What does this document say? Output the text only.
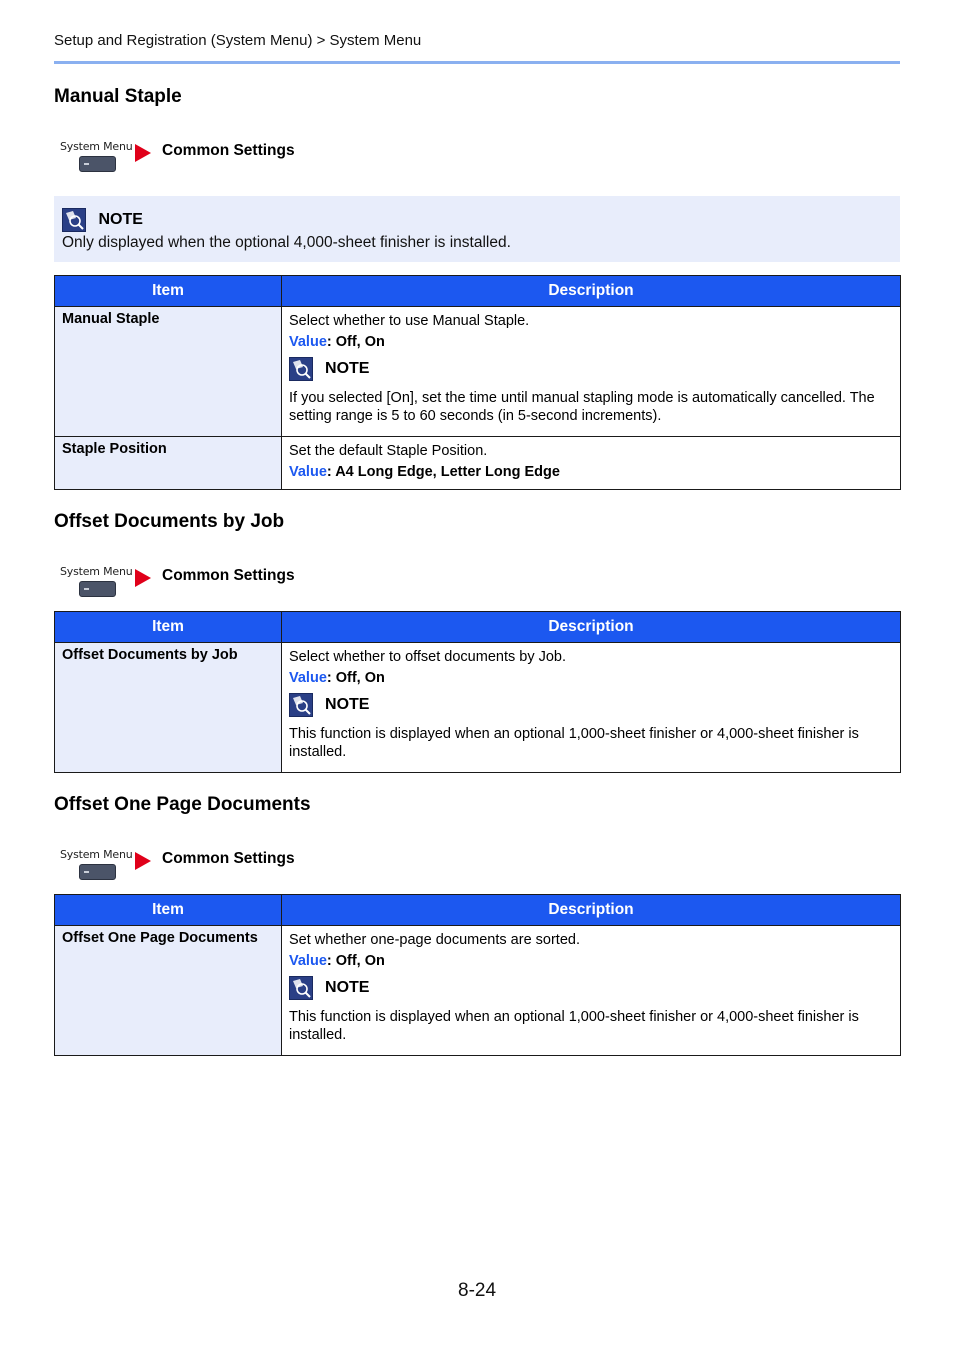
Setup and Registration (System Menu) > System Menu
Manual Staple
System Menu Common Settings
NOTE
Only displayed when the optional 4,000-sheet finisher is installed.
Item	Description
Manual Staple	Select whether to use Manual Staple.
Value: Off, On
NOTE
If you selected [On], set the time until manual stapling mode is automatically cancelled. The setting range is 5 to 60 seconds (in 5-second increments).

Staple Position	Set the default Staple Position.
Value: A4 Long Edge, Letter Long Edge
Offset Documents by Job
System Menu Common Settings
Item	Description
Offset Documents by Job	Select whether to offset documents by Job.
Value: Off, On
NOTE
This function is displayed when an optional 1,000-sheet finisher or 4,000-sheet finisher is installed.
Offset One Page Documents
System Menu Common Settings
Item	Description
Offset One Page Documents	Set whether one-page documents are sorted.
Value: Off, On
NOTE
This function is displayed when an optional 1,000-sheet finisher or 4,000-sheet finisher is installed.
8-24
